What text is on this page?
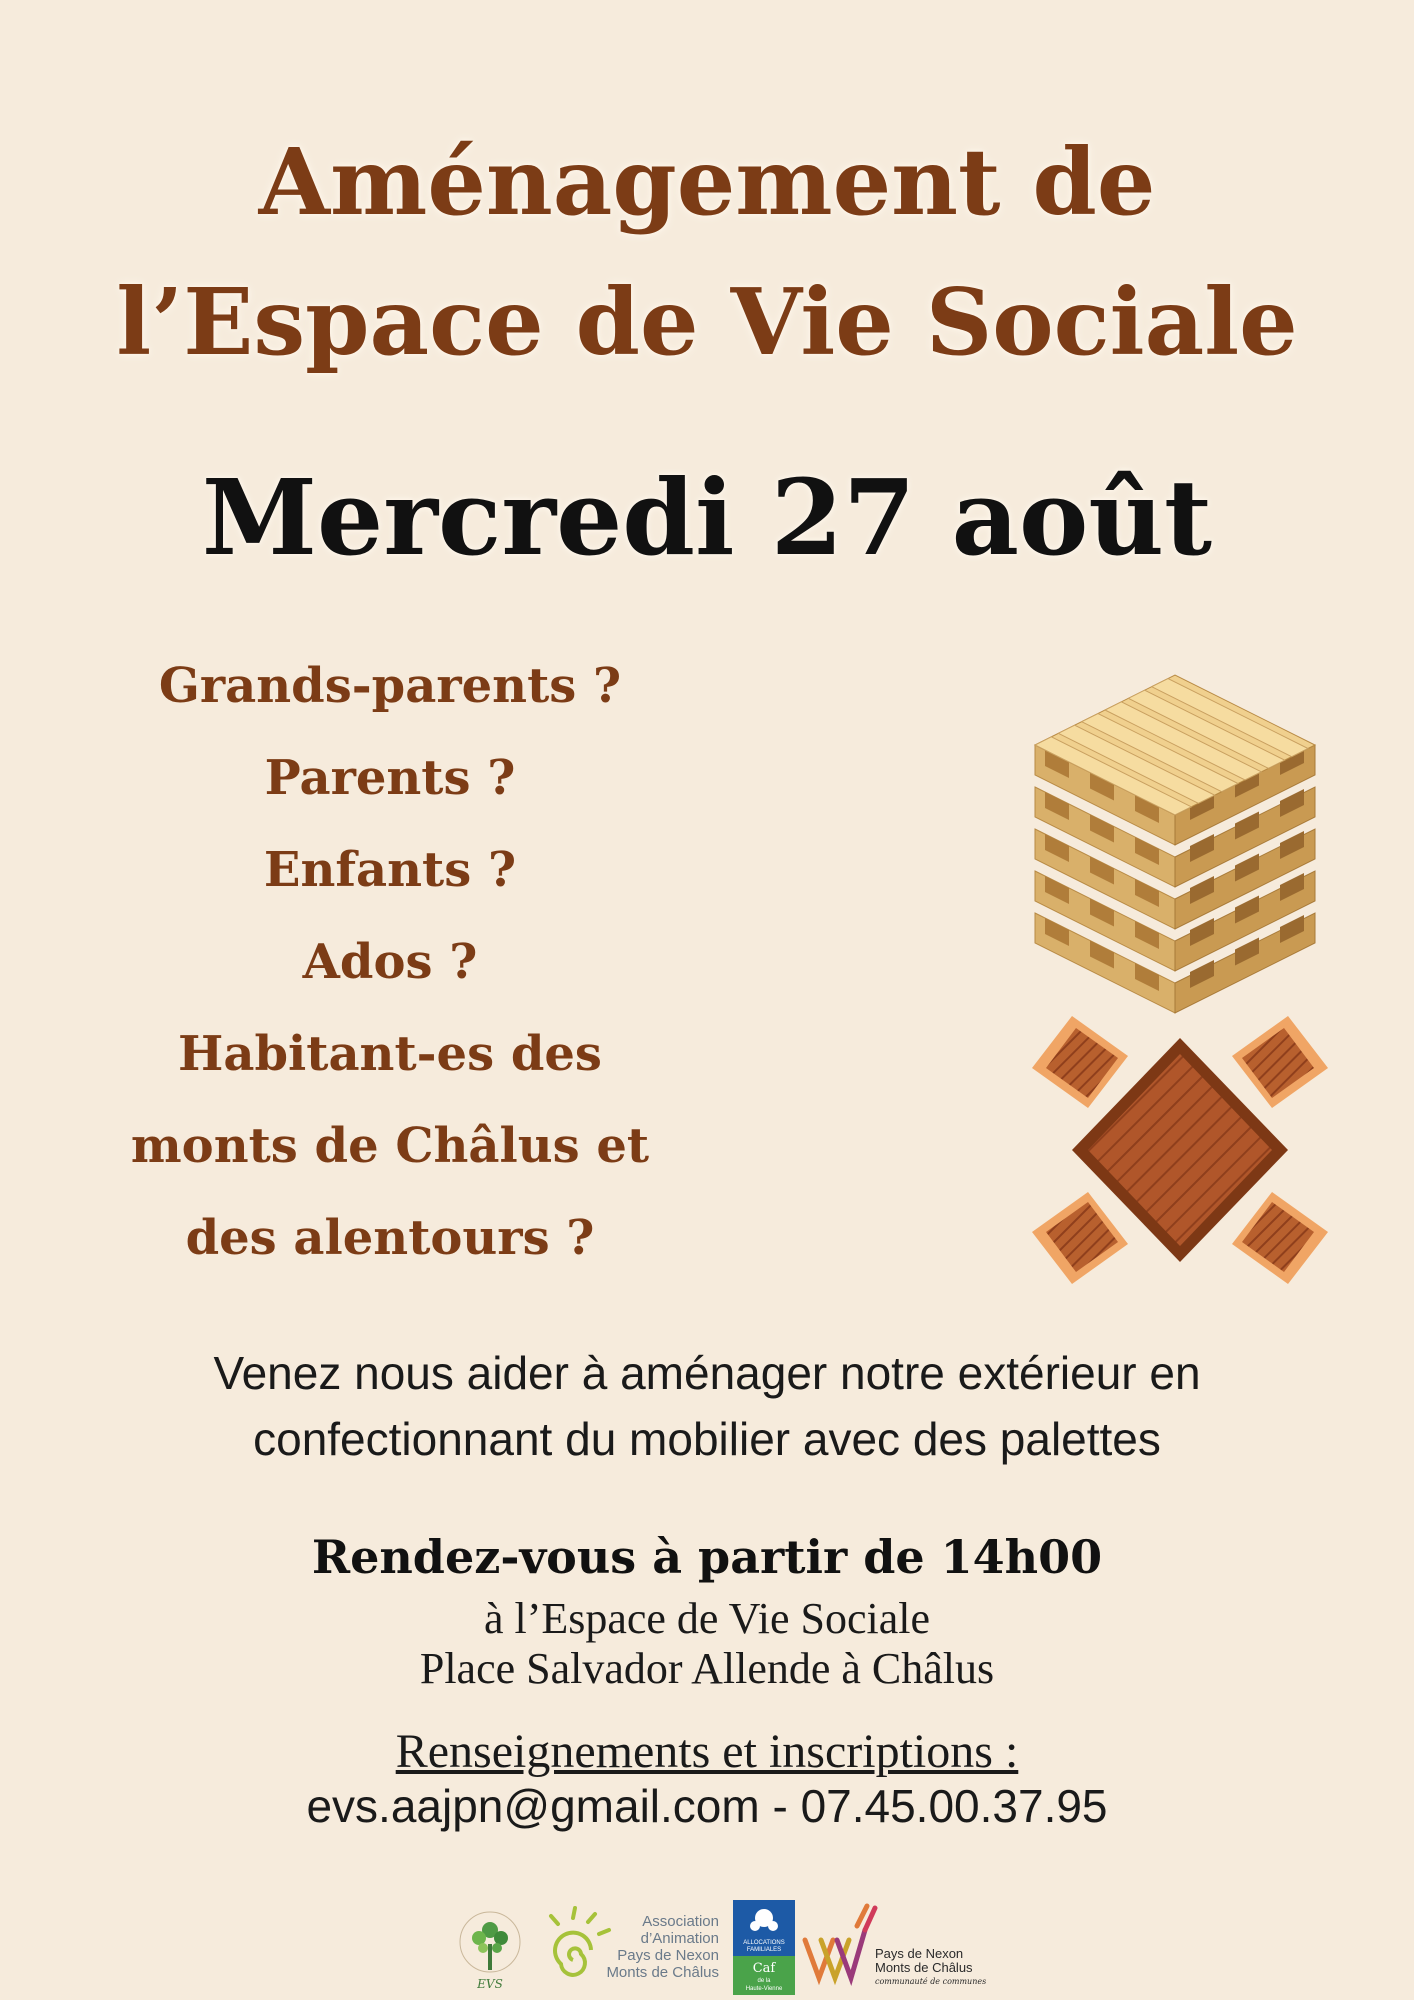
Aménagement de
l’Espace de Vie Sociale
Mercredi 27 août
Grands-parents ?
Parents ?
Enfants ?
Ados ?
Habitant-es des
monts de Châlus et
des alentours ?

Venez nous aider à aménager notre extérieur en
confectionnant du mobilier avec des palettes

Rendez-vous à partir de 14h00

à l’Espace de Vie Sociale
Place Salvador Allende à Châlus

Renseignements et inscriptions :

evs.aajpn@gmail.com - 07.45.00.37.95

EVS
Association
d’Animation
Pays de Nexon
Monts de Châlus
ALLOCATIONS
FAMILIALES
Caf
de la
Haute-Vienne
Pays de Nexon
Monts de Châlus
communauté de communes
